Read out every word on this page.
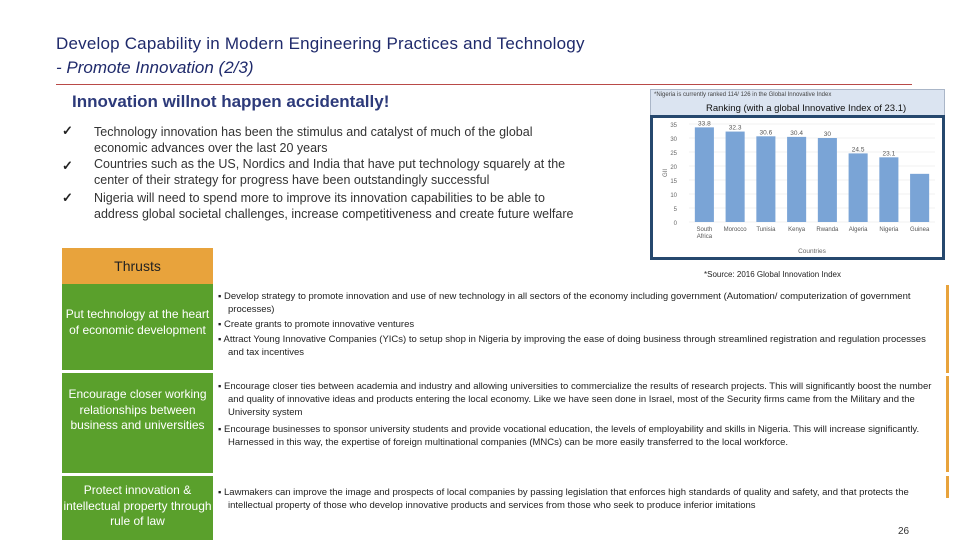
Develop Capability in Modern Engineering Practices and Technology
- Promote Innovation (2/3)
Innovation willnot happen accidentally!
✓ Technology innovation has been the stimulus and catalyst of much of the global
economic advances over the last 20 years
✓ Countries such as the US, Nordics and India that have put technology squarely at the
center of their strategy for progress have been outstandingly successful
✓ Nigeria will need to spend more to improve its innovation capabilities to be able to
address global societal challenges, increase competitiveness and create future welfare
*Nigeria is currently ranked 114/ 126 in the Global Innovative Index
Ranking (with a global Innovative Index of 23.1)
0
5
10
15
20
25
30
35
GII
33.8
South
Africa
32.3
Morocco
30.6
Tunisia
30.4
Kenya
30
Rwanda
24.5
Algeria
23.1
Nigeria Guinea
Countries
*Source: 2016 Global Innovation Index
Thrusts
Put technology at the heart of economic development
Encourage closer working relationships between business and universities
Protect innovation & intellectual property through rule of law
▪ Develop strategy to promote innovation and use of new technology in all sectors of the economy including government (Automation/ computerization of government processes)
▪ Create grants to promote innovative ventures
▪ Attract Young Innovative Companies (YICs) to setup shop in Nigeria by improving the ease of doing business through streamlined registration and regulation processes and tax incentives
▪ Encourage closer ties between academia and industry and allowing universities to commercialize the results of research projects. This will significantly boost the number and quality of innovative ideas and products entering the local economy. Like we have seen done in Israel, most of the Security firms came from the Military and the University system
▪ Encourage businesses to sponsor university students and provide vocational education, the levels of employability and skills in Nigeria. This will increase significantly. Harnessed in this way, the expertise of foreign multinational companies (MNCs) can be more easily transferred to the local workforce.
▪ Lawmakers can improve the image and prospects of local companies by passing legislation that enforces high standards of quality and safety, and that protects the intellectual property of those who develop innovative products and services from those who seek to produce inferior imitations
26
